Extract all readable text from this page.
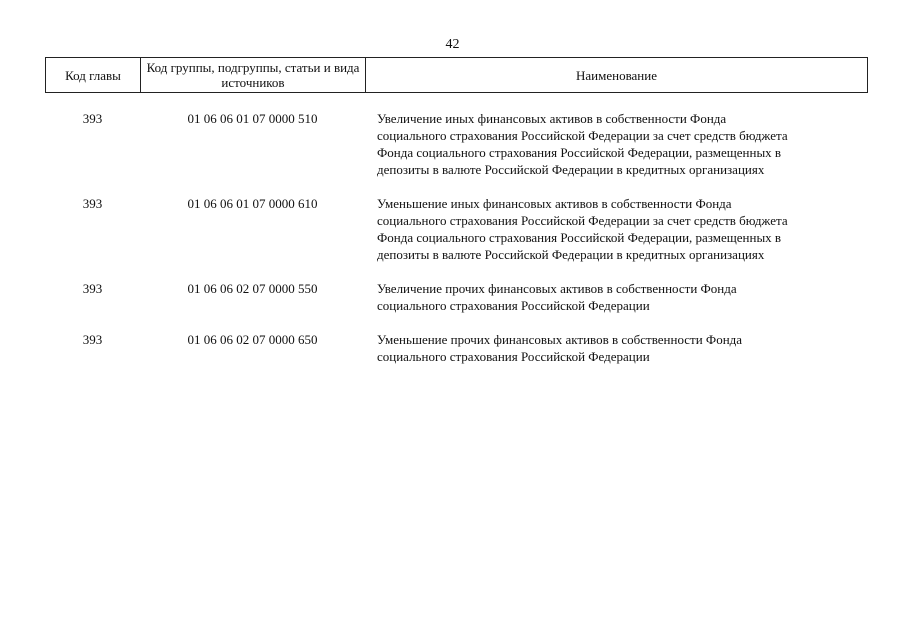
42
Код главы	Код группы, подгруппы, статьи и вида источников	Наименование
393	01 06 06 01 07 0000 510	Увеличение иных финансовых активов в собственности Фонда
социального страхования Российской Федерации за счет средств бюджета
Фонда социального страхования Российской Федерации, размещенных в
депозиты в валюте Российской Федерации в кредитных организациях
393	01 06 06 01 07 0000 610	Уменьшение иных финансовых активов в собственности Фонда
социального страхования Российской Федерации за счет средств бюджета
Фонда социального страхования Российской Федерации, размещенных в
депозиты в валюте Российской Федерации в кредитных организациях
393	01 06 06 02 07 0000 550	Увеличение прочих финансовых активов в собственности Фонда
социального страхования Российской Федерации
393	01 06 06 02 07 0000 650	Уменьшение прочих финансовых активов в собственности Фонда
социального страхования Российской Федерации
